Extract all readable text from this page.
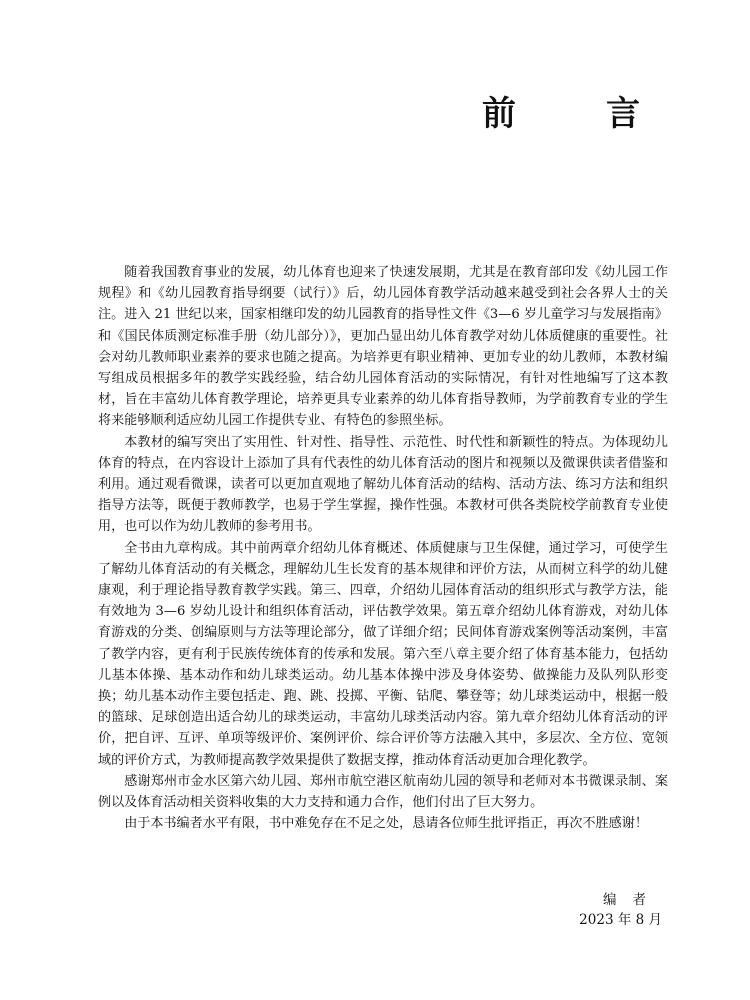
前　言

随着我国教育事业的发展，幼儿体育也迎来了快速发展期，尤其是在教育部印发《幼儿园工作规程》和《幼儿园教育指导纲要（试行）》后，幼儿园体育教学活动越来越受到社会各界人士的关注。进入 21 世纪以来，国家相继印发的幼儿园教育的指导性文件《3—6 岁儿童学习与发展指南》和《国民体质测定标准手册（幼儿部分）》，更加凸显出幼儿体育教学对幼儿体质健康的重要性。社会对幼儿教师职业素养的要求也随之提高。为培养更有职业精神、更加专业的幼儿教师，本教材编写组成员根据多年的教学实践经验，结合幼儿园体育活动的实际情况，有针对性地编写了这本教材，旨在丰富幼儿体育教学理论，培养更具专业素养的幼儿体育指导教师，为学前教育专业的学生将来能够顺利适应幼儿园工作提供专业、有特色的参照坐标。

本教材的编写突出了实用性、针对性、指导性、示范性、时代性和新颖性的特点。为体现幼儿体育的特点，在内容设计上添加了具有代表性的幼儿体育活动的图片和视频以及微课供读者借鉴和利用。通过观看微课，读者可以更加直观地了解幼儿体育活动的结构、活动方法、练习方法和组织指导方法等，既便于教师教学，也易于学生掌握，操作性强。本教材可供各类院校学前教育专业使用，也可以作为幼儿教师的参考用书。

全书由九章构成。其中前两章介绍幼儿体育概述、体质健康与卫生保健，通过学习，可使学生了解幼儿体育活动的有关概念，理解幼儿生长发育的基本规律和评价方法，从而树立科学的幼儿健康观，利于理论指导教育教学实践。第三、四章，介绍幼儿园体育活动的组织形式与教学方法，能有效地为 3—6 岁幼儿设计和组织体育活动，评估教学效果。第五章介绍幼儿体育游戏，对幼儿体育游戏的分类、创编原则与方法等理论部分，做了详细介绍；民间体育游戏案例等活动案例，丰富了教学内容，更有利于民族传统体育的传承和发展。第六至八章主要介绍了体育基本能力，包括幼儿基本体操、基本动作和幼儿球类运动。幼儿基本体操中涉及身体姿势、做操能力及队列队形变换；幼儿基本动作主要包括走、跑、跳、投掷、平衡、钻爬、攀登等；幼儿球类运动中，根据一般的篮球、足球创造出适合幼儿的球类运动，丰富幼儿球类活动内容。第九章介绍幼儿体育活动的评价，把自评、互评、单项等级评价、案例评价、综合评价等方法融入其中，多层次、全方位、宽领域的评价方式，为教师提高教学效果提供了数据支撑，推动体育活动更加合理化教学。

感谢郑州市金水区第六幼儿园、郑州市航空港区航南幼儿园的领导和老师对本书微课录制、案例以及体育活动相关资料收集的大力支持和通力合作，他们付出了巨大努力。

由于本书编者水平有限，书中难免存在不足之处，恳请各位师生批评指正，再次不胜感谢！

编者
2023 年 8 月
